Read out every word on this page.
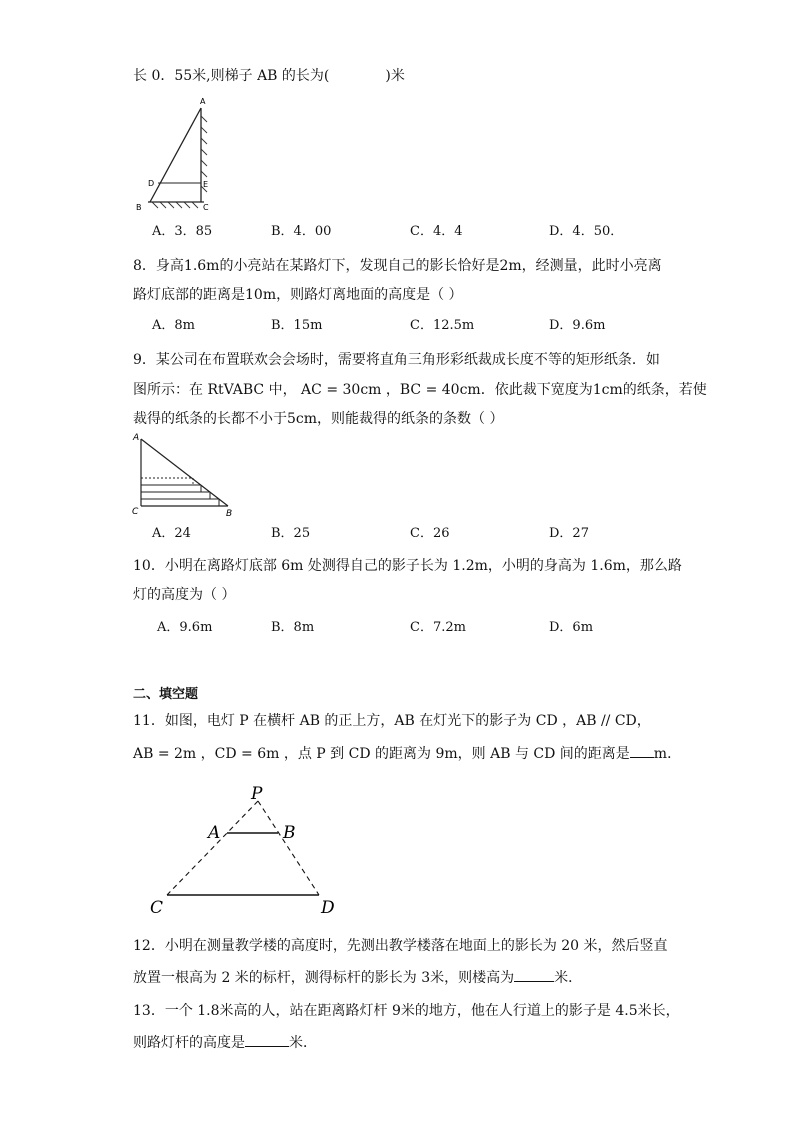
长 0．55米,则梯子 AB 的长为(	)米
A
D	E
B	C
A．3．85	B．4．00	C．4．4	D．4．50．
8．身高1.6m的小亮站在某路灯下，发现自己的影长恰好是2m，经测量，此时小亮离
路灯底部的距离是10m，则路灯离地面的高度是（ ）
A．8m	B．15m	C．12.5m	D．9.6m
9．某公司在布置联欢会会场时，需要将直角三角形彩纸裁成长度不等的矩形纸条．如
图所示：在 RtVABC 中， AC = 30cm ，BC = 40cm．依此裁下宽度为1cm的纸条，若使
裁得的纸条的长都不小于5cm，则能裁得的纸条的条数（ ）
A
C	B
A．24	B．25	C．26	D．27
10．小明在离路灯底部 6m 处测得自己的影子长为 1.2m，小明的身高为 1.6m，那么路
灯的高度为（ ）
A．9.6m	B．8m	C．7.2m	D．6m
二、填空题
11．如图，电灯 P 在横杆 AB 的正上方，AB 在灯光下的影子为 CD ，AB // CD，
AB = 2m ，CD = 6m ，点 P 到 CD 的距离为 9m，则 AB 与 CD 间的距离是 m．
P
A	B
C	D
12．小明在测量教学楼的高度时，先测出教学楼落在地面上的影长为 20 米，然后竖直
放置一根高为 2 米的标杆，测得标杆的影长为 3米，则楼高为	米．
13．一个 1.8米高的人，站在距离路灯杆 9米的地方，他在人行道上的影子是 4.5米长，
则路灯杆的高度是	米．
